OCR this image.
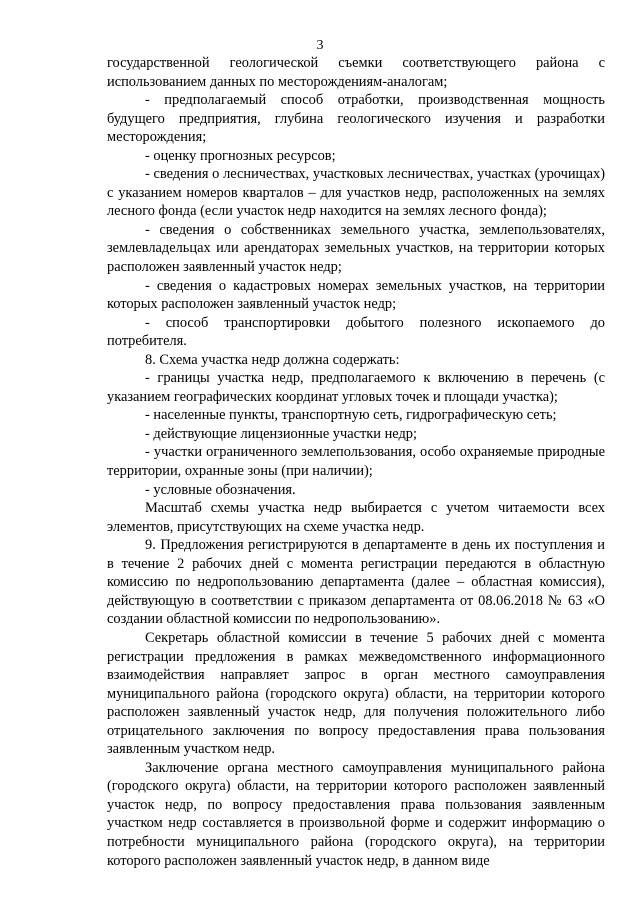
3

государственной геологической съемки соответствующего района с использованием данных по месторождениям-аналогам;

- предполагаемый способ отработки, производственная мощность будущего предприятия, глубина геологического изучения и разработки месторождения;

- оценку прогнозных ресурсов;

- сведения о лесничествах, участковых лесничествах, участках (урочищах) с указанием номеров кварталов – для участков недр, расположенных на землях лесного фонда (если участок недр находится на землях лесного фонда);

- сведения о собственниках земельного участка, землепользователях, землевладельцах или арендаторах земельных участков, на территории которых расположен заявленный участок недр;

- сведения о кадастровых номерах земельных участков, на территории которых расположен заявленный участок недр;

- способ транспортировки добытого полезного ископаемого до потребителя.

8. Схема участка недр должна содержать:

- границы участка недр, предполагаемого к включению в перечень (с указанием географических координат угловых точек и площади участка);

- населенные пункты, транспортную сеть, гидрографическую сеть;

- действующие лицензионные участки недр;

- участки ограниченного землепользования, особо охраняемые природные территории, охранные зоны (при наличии);

- условные обозначения.

Масштаб схемы участка недр выбирается с учетом читаемости всех элементов, присутствующих на схеме участка недр.

9. Предложения регистрируются в департаменте в день их поступления и в течение 2 рабочих дней с момента регистрации передаются в областную комиссию по недропользованию департамента (далее – областная комиссия), действующую в соответствии с приказом департамента от 08.06.2018 № 63 «О создании областной комиссии по недропользованию».

Секретарь областной комиссии в течение 5 рабочих дней с момента регистрации предложения в рамках межведомственного информационного взаимодействия направляет запрос в орган местного самоуправления муниципального района (городского округа) области, на территории которого расположен заявленный участок недр, для получения положительного либо отрицательного заключения по вопросу предоставления права пользования заявленным участком недр.

Заключение органа местного самоуправления муниципального района (городского округа) области, на территории которого расположен заявленный участок недр, по вопросу предоставления права пользования заявленным участком недр составляется в произвольной форме и содержит информацию о потребности муниципального района (городского округа), на территории которого расположен заявленный участок недр, в данном виде
